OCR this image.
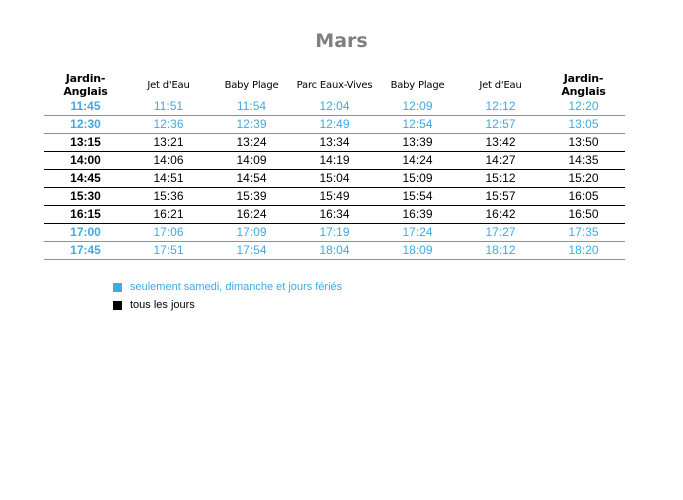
Mars
Jardin-Anglais	Jet d'Eau	Baby Plage	Parc Eaux-Vives	Baby Plage	Jet d'Eau	Jardin-Anglais
11:45	11:51	11:54	12:04	12:09	12:12	12:20
12:30	12:36	12:39	12:49	12:54	12:57	13:05
13:15	13:21	13:24	13:34	13:39	13:42	13:50
14:00	14:06	14:09	14:19	14:24	14:27	14:35
14:45	14:51	14:54	15:04	15:09	15:12	15:20
15:30	15:36	15:39	15:49	15:54	15:57	16:05
16:15	16:21	16:24	16:34	16:39	16:42	16:50
17:00	17:06	17:09	17:19	17:24	17:27	17:35
17:45	17:51	17:54	18:04	18:09	18:12	18:20
seulement samedi, dimanche et jours fériés
tous les jours
